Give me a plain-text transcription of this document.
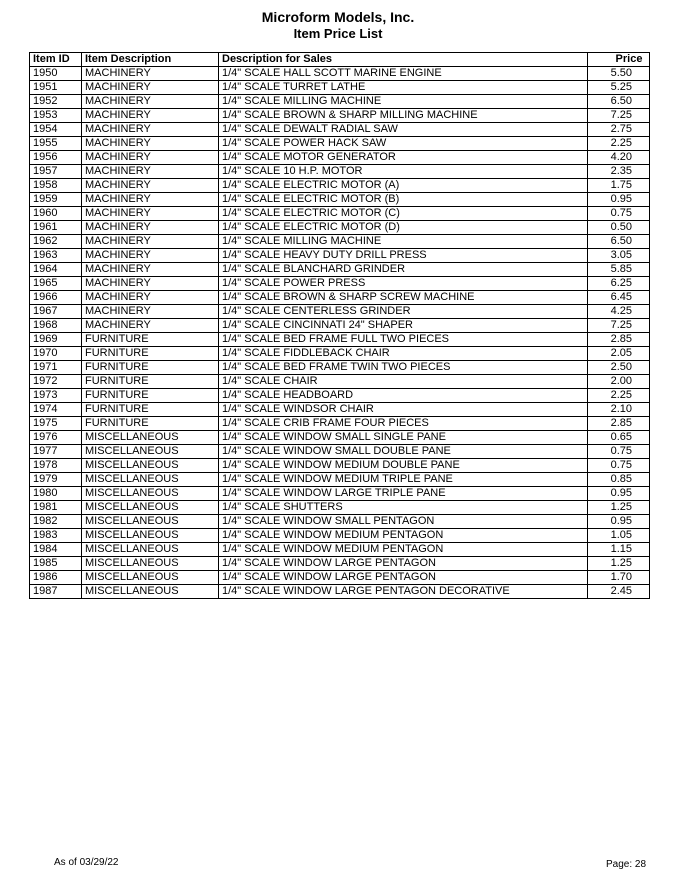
Microform Models, Inc.
Item Price List
Item ID	Item Description	Description for Sales	Price
1950	MACHINERY	1/4" SCALE HALL SCOTT MARINE ENGINE	5.50
1951	MACHINERY	1/4" SCALE TURRET LATHE	5.25
1952	MACHINERY	1/4" SCALE MILLING MACHINE	6.50
1953	MACHINERY	1/4" SCALE BROWN & SHARP MILLING MACHINE	7.25
1954	MACHINERY	1/4" SCALE DEWALT RADIAL SAW	2.75
1955	MACHINERY	1/4" SCALE POWER HACK SAW	2.25
1956	MACHINERY	1/4" SCALE MOTOR GENERATOR	4.20
1957	MACHINERY	1/4" SCALE 10 H.P. MOTOR	2.35
1958	MACHINERY	1/4" SCALE ELECTRIC MOTOR (A)	1.75
1959	MACHINERY	1/4" SCALE ELECTRIC MOTOR (B)	0.95
1960	MACHINERY	1/4" SCALE ELECTRIC MOTOR (C)	0.75
1961	MACHINERY	1/4" SCALE ELECTRIC MOTOR (D)	0.50
1962	MACHINERY	1/4" SCALE MILLING MACHINE	6.50
1963	MACHINERY	1/4" SCALE HEAVY DUTY DRILL PRESS	3.05
1964	MACHINERY	1/4" SCALE BLANCHARD GRINDER	5.85
1965	MACHINERY	1/4" SCALE POWER PRESS	6.25
1966	MACHINERY	1/4" SCALE BROWN & SHARP SCREW MACHINE	6.45
1967	MACHINERY	1/4" SCALE CENTERLESS GRINDER	4.25
1968	MACHINERY	1/4" SCALE CINCINNATI 24" SHAPER	7.25
1969	FURNITURE	1/4" SCALE BED FRAME FULL TWO PIECES	2.85
1970	FURNITURE	1/4" SCALE FIDDLEBACK CHAIR	2.05
1971	FURNITURE	1/4" SCALE BED FRAME TWIN TWO PIECES	2.50
1972	FURNITURE	1/4" SCALE CHAIR	2.00
1973	FURNITURE	1/4" SCALE HEADBOARD	2.25
1974	FURNITURE	1/4" SCALE WINDSOR CHAIR	2.10
1975	FURNITURE	1/4" SCALE CRIB FRAME FOUR PIECES	2.85
1976	MISCELLANEOUS	1/4" SCALE WINDOW SMALL SINGLE PANE	0.65
1977	MISCELLANEOUS	1/4" SCALE WINDOW SMALL DOUBLE PANE	0.75
1978	MISCELLANEOUS	1/4" SCALE WINDOW MEDIUM DOUBLE PANE	0.75
1979	MISCELLANEOUS	1/4" SCALE WINDOW MEDIUM TRIPLE PANE	0.85
1980	MISCELLANEOUS	1/4" SCALE WINDOW LARGE TRIPLE PANE	0.95
1981	MISCELLANEOUS	1/4" SCALE SHUTTERS	1.25
1982	MISCELLANEOUS	1/4" SCALE WINDOW SMALL PENTAGON	0.95
1983	MISCELLANEOUS	1/4" SCALE WINDOW MEDIUM PENTAGON	1.05
1984	MISCELLANEOUS	1/4" SCALE WINDOW MEDIUM PENTAGON	1.15
1985	MISCELLANEOUS	1/4" SCALE WINDOW LARGE PENTAGON	1.25
1986	MISCELLANEOUS	1/4" SCALE WINDOW LARGE PENTAGON	1.70
1987	MISCELLANEOUS	1/4" SCALE WINDOW LARGE PENTAGON DECORATIVE	2.45
As of 03/29/22	Page: 28
